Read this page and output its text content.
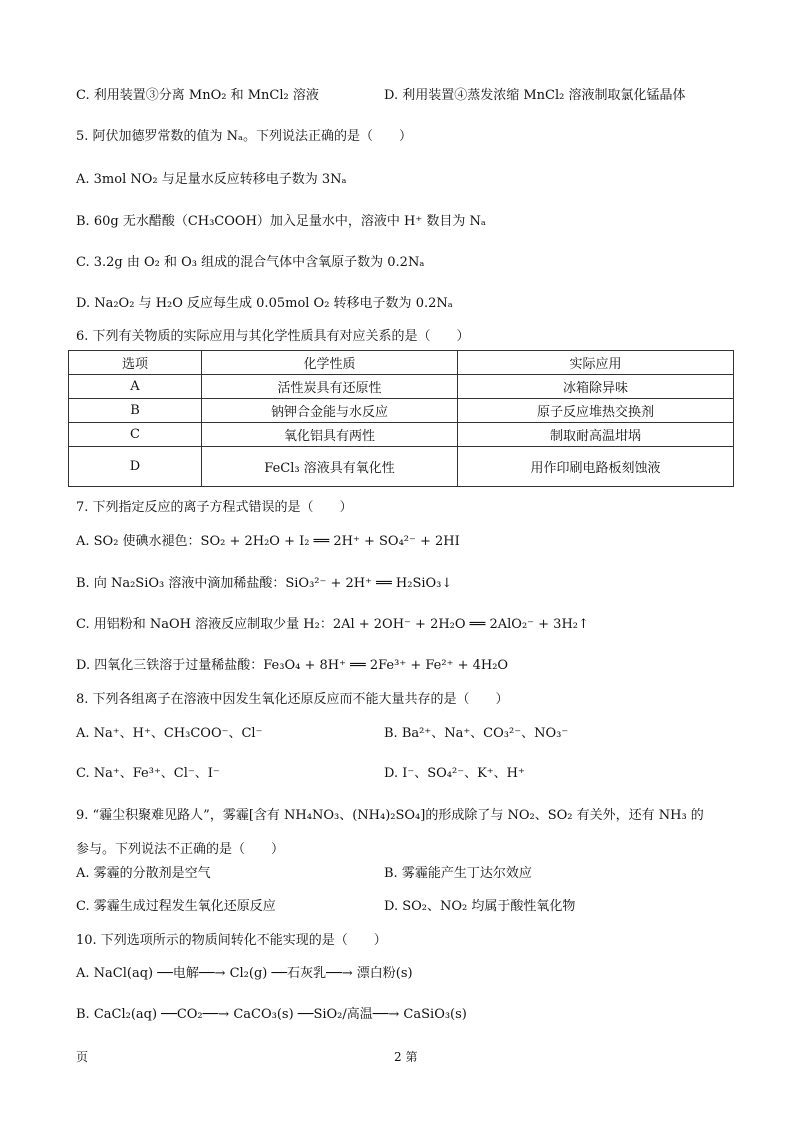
C. 利用装置③分离 MnO₂ 和 MnCl₂ 溶液	D. 利用装置④蒸发浓缩 MnCl₂ 溶液制取氯化锰晶体
5. 阿伏加德罗常数的值为 Nₐ。下列说法正确的是（　　）
A. 3mol NO₂ 与足量水反应转移电子数为 3Nₐ
B. 60g 无水醋酸（CH₃COOH）加入足量水中，溶液中 H⁺ 数目为 Nₐ
C. 3.2g 由 O₂ 和 O₃ 组成的混合气体中含氧原子数为 0.2Nₐ
D. Na₂O₂ 与 H₂O 反应每生成 0.05mol O₂ 转移电子数为 0.2Nₐ
6. 下列有关物质的实际应用与其化学性质具有对应关系的是（　　）
选项	化学性质	实际应用
A	活性炭具有还原性	冰箱除异味
B	钠钾合金能与水反应	原子反应堆热交换剂
C	氧化铝具有两性	制取耐高温坩埚
D	FeCl₃ 溶液具有氧化性	用作印刷电路板刻蚀液
7. 下列指定反应的离子方程式错误的是（　　）
A. SO₂ 使碘水褪色：SO₂ + 2H₂O + I₂ ══ 2H⁺ + SO₄²⁻ + 2HI
B. 向 Na₂SiO₃ 溶液中滴加稀盐酸：SiO₃²⁻ + 2H⁺ ══ H₂SiO₃↓
C. 用铝粉和 NaOH 溶液反应制取少量 H₂：2Al + 2OH⁻ + 2H₂O ══ 2AlO₂⁻ + 3H₂↑
D. 四氧化三铁溶于过量稀盐酸：Fe₃O₄ + 8H⁺ ══ 2Fe³⁺ + Fe²⁺ + 4H₂O
8. 下列各组离子在溶液中因发生氧化还原反应而不能大量共存的是（　　）
A. Na⁺、H⁺、CH₃COO⁻、Cl⁻	B. Ba²⁺、Na⁺、CO₃²⁻、NO₃⁻
C. Na⁺、Fe³⁺、Cl⁻、I⁻	D. I⁻、SO₄²⁻、K⁺、H⁺
9. “霾尘积聚难见路人”，雾霾[含有 NH₄NO₃、(NH₄)₂SO₄]的形成除了与 NO₂、SO₂ 有关外，还有 NH₃ 的
参与。下列说法不正确的是（　　）
A. 雾霾的分散剂是空气	B. 雾霾能产生丁达尔效应
C. 雾霾生成过程发生氧化还原反应	D. SO₂、NO₂ 均属于酸性氧化物
10. 下列选项所示的物质间转化不能实现的是（　　）
A. NaCl(aq) ──电解──→ Cl₂(g) ──石灰乳──→ 漂白粉(s)
B. CaCl₂(aq) ──CO₂──→ CaCO₃(s) ──SiO₂/高温──→ CaSiO₃(s)
页	2 第
